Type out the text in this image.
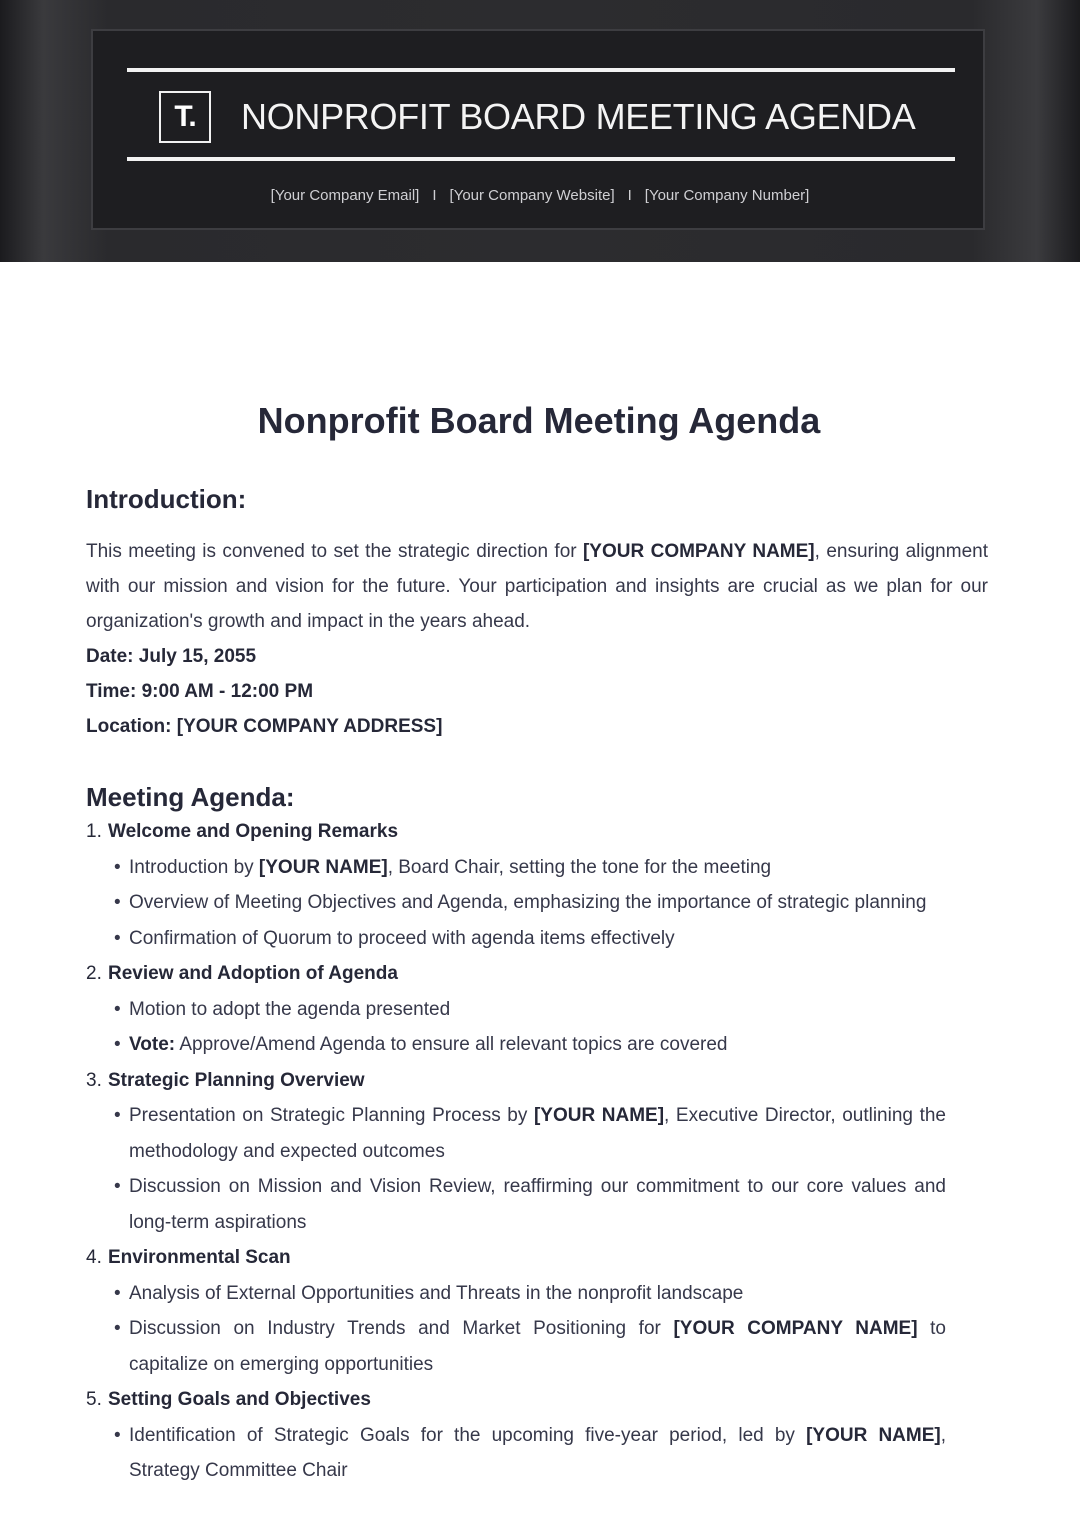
T.	NONPROFIT BOARD MEETING AGENDA
[Your Company Email] I [Your Company Website] I [Your Company Number]
Nonprofit Board Meeting Agenda
Introduction:

This meeting is convened to set the strategic direction for [YOUR COMPANY NAME], ensuring alignment with our mission and vision for the future. Your participation and insights are crucial as we plan for our organization's growth and impact in the years ahead.

Date: July 15, 2055
Time: 9:00 AM - 12:00 PM
Location: [YOUR COMPANY ADDRESS]
Meeting Agenda:
1. Welcome and Opening Remarks
• Introduction by [YOUR NAME], Board Chair, setting the tone for the meeting
• Overview of Meeting Objectives and Agenda, emphasizing the importance of strategic planning
• Confirmation of Quorum to proceed with agenda items effectively
2. Review and Adoption of Agenda
• Motion to adopt the agenda presented
• Vote: Approve/Amend Agenda to ensure all relevant topics are covered
3. Strategic Planning Overview
• Presentation on Strategic Planning Process by [YOUR NAME], Executive Director, outlining the methodology and expected outcomes
• Discussion on Mission and Vision Review, reaffirming our commitment to our core values and long-term aspirations
4. Environmental Scan
• Analysis of External Opportunities and Threats in the nonprofit landscape
• Discussion on Industry Trends and Market Positioning for [YOUR COMPANY NAME] to capitalize on emerging opportunities
5. Setting Goals and Objectives
• Identification of Strategic Goals for the upcoming five-year period, led by [YOUR NAME], Strategy Committee Chair
